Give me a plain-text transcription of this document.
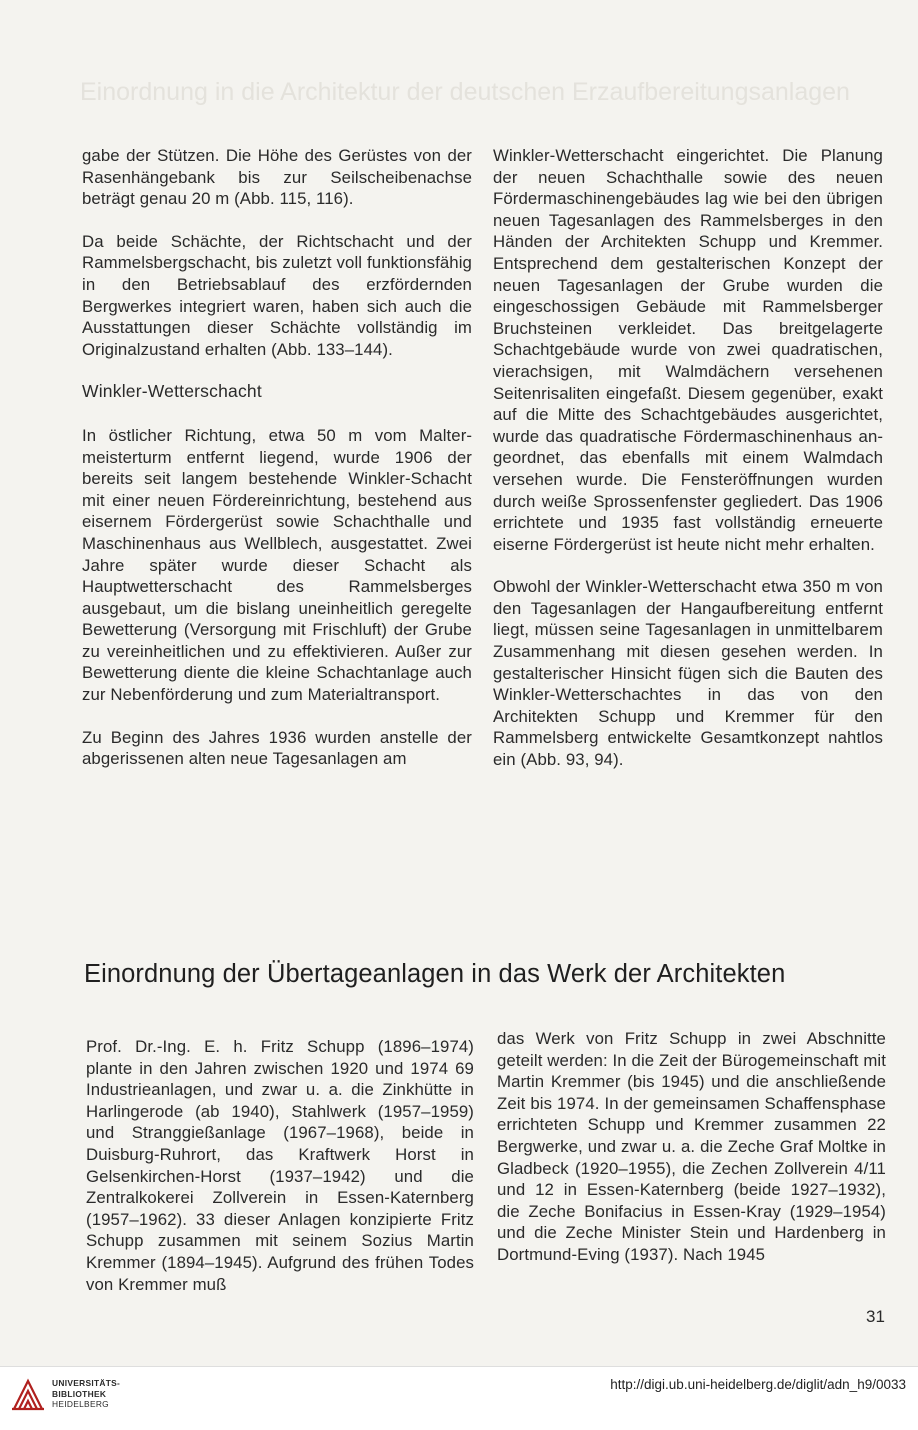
Einordnung in die Architektur der deutschen Erzaufbereitungsanlagen

gabe der Stützen. Die Höhe des Gerüstes von der Rasenhängebank bis zur Seilscheibenachse beträgt genau 20 m (Abb. 115, 116).

Da beide Schächte, der Richtschacht und der Rammelsbergschacht, bis zuletzt voll funktionsfähig in den Betriebsablauf des erzfördernden Bergwerkes integriert waren, haben sich auch die Ausstattungen dieser Schächte vollständig im Originalzustand erhalten (Abb. 133–144).

Winkler-Wetterschacht

In östlicher Richtung, etwa 50 m vom Maltermeisterturm entfernt liegend, wurde 1906 der bereits seit langem bestehende Winkler-Schacht mit einer neuen Fördereinrichtung, bestehend aus eisernem Fördergerüst sowie Schachthalle und Maschinenhaus aus Wellblech, ausgestattet. Zwei Jahre später wurde dieser Schacht als Hauptwetterschacht des Rammelsberges ausgebaut, um die bislang uneinheitlich geregelte Bewetterung (Versorgung mit Frischluft) der Grube zu vereinheitlichen und zu effektivieren. Außer zur Bewetterung diente die kleine Schachtanlage auch zur Nebenförderung und zum Materialtransport.

Zu Beginn des Jahres 1936 wurden anstelle der abgerissenen alten neue Tagesanlagen am

Winkler-Wetterschacht eingerichtet. Die Planung der neuen Schachthalle sowie des neuen Fördermaschinengebäudes lag wie bei den übrigen neuen Tagesanlagen des Rammelsberges in den Händen der Architekten Schupp und Kremmer. Entsprechend dem gestalterischen Konzept der neuen Tagesanlagen der Grube wurden die eingeschossigen Gebäude mit Rammelsberger Bruchsteinen verkleidet. Das breitgelagerte Schachtgebäude wurde von zwei quadratischen, vierachsigen, mit Walmdächern versehenen Seitenrisaliten eingefaßt. Diesem gegenüber, exakt auf die Mitte des Schachtgebäudes ausgerichtet, wurde das quadratische Fördermaschinenhaus angeordnet, das ebenfalls mit einem Walmdach versehen wurde. Die Fensteröffnungen wurden durch weiße Sprossenfenster gegliedert. Das 1906 errichtete und 1935 fast vollständig erneuerte eiserne Fördergerüst ist heute nicht mehr erhalten.

Obwohl der Winkler-Wetterschacht etwa 350 m von den Tagesanlagen der Hangaufbereitung entfernt liegt, müssen seine Tagesanlagen in unmittelbarem Zusammenhang mit diesen gesehen werden. In gestalterischer Hinsicht fügen sich die Bauten des Winkler-Wetterschachtes in das von den Architekten Schupp und Kremmer für den Rammelsberg entwickelte Gesamtkonzept nahtlos ein (Abb. 93, 94).

Einordnung der Übertageanlagen in das Werk der Architekten

Prof. Dr.-Ing. E. h. Fritz Schupp (1896–1974) plante in den Jahren zwischen 1920 und 1974 69 Industrieanlagen, und zwar u. a. die Zinkhütte in Harlingerode (ab 1940), Stahlwerk (1957–1959) und Stranggießanlage (1967–1968), beide in Duisburg-Ruhrort, das Kraftwerk Horst in Gelsenkirchen-Horst (1937–1942) und die Zentralkokerei Zollverein in Essen-Katernberg (1957–1962). 33 dieser Anlagen konzipierte Fritz Schupp zusammen mit seinem Sozius Martin Kremmer (1894–1945). Aufgrund des frühen Todes von Kremmer muß

das Werk von Fritz Schupp in zwei Abschnitte geteilt werden: In die Zeit der Bürogemeinschaft mit Martin Kremmer (bis 1945) und die anschließende Zeit bis 1974. In der gemeinsamen Schaffensphase errichteten Schupp und Kremmer zusammen 22 Bergwerke, und zwar u. a. die Zeche Graf Moltke in Gladbeck (1920–1955), die Zechen Zollverein 4/11 und 12 in Essen-Katernberg (beide 1927–1932), die Zeche Bonifacius in Essen-Kray (1929–1954) und die Zeche Minister Stein und Hardenberg in Dortmund-Eving (1937). Nach 1945

31
UNIVERSITÄTS-
BIBLIOTHEK
HEIDELBERG
http://digi.ub.uni-heidelberg.de/diglit/adn_h9/0033
